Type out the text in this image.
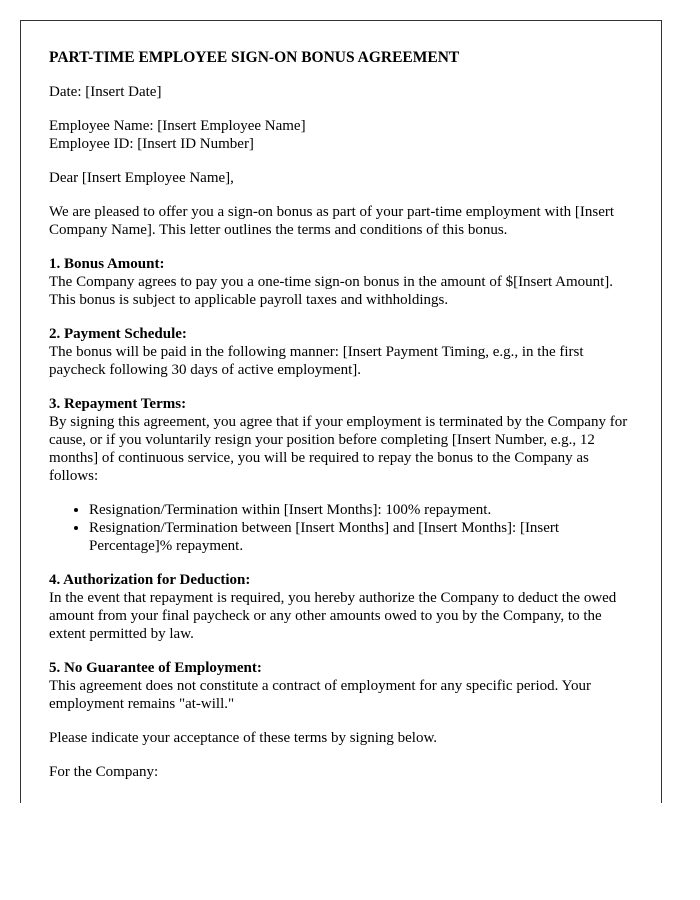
PART-TIME EMPLOYEE SIGN-ON BONUS AGREEMENT

Date: [Insert Date]

Employee Name: [Insert Employee Name]
Employee ID: [Insert ID Number]

Dear [Insert Employee Name],

We are pleased to offer you a sign-on bonus as part of your part-time employment with [Insert Company Name]. This letter outlines the terms and conditions of this bonus.

1. Bonus Amount:
The Company agrees to pay you a one-time sign-on bonus in the amount of $[Insert Amount]. This bonus is subject to applicable payroll taxes and withholdings.

2. Payment Schedule:
The bonus will be paid in the following manner: [Insert Payment Timing, e.g., in the first paycheck following 30 days of active employment].

3. Repayment Terms:
By signing this agreement, you agree that if your employment is terminated by the Company for cause, or if you voluntarily resign your position before completing [Insert Number, e.g., 12 months] of continuous service, you will be required to repay the bonus to the Company as follows:

• Resignation/Termination within [Insert Months]: 100% repayment.
• Resignation/Termination between [Insert Months] and [Insert Months]: [Insert Percentage]% repayment.

4. Authorization for Deduction:
In the event that repayment is required, you hereby authorize the Company to deduct the owed amount from your final paycheck or any other amounts owed to you by the Company, to the extent permitted by law.

5. No Guarantee of Employment:
This agreement does not constitute a contract of employment for any specific period. Your employment remains "at-will."

Please indicate your acceptance of these terms by signing below.

For the Company:
